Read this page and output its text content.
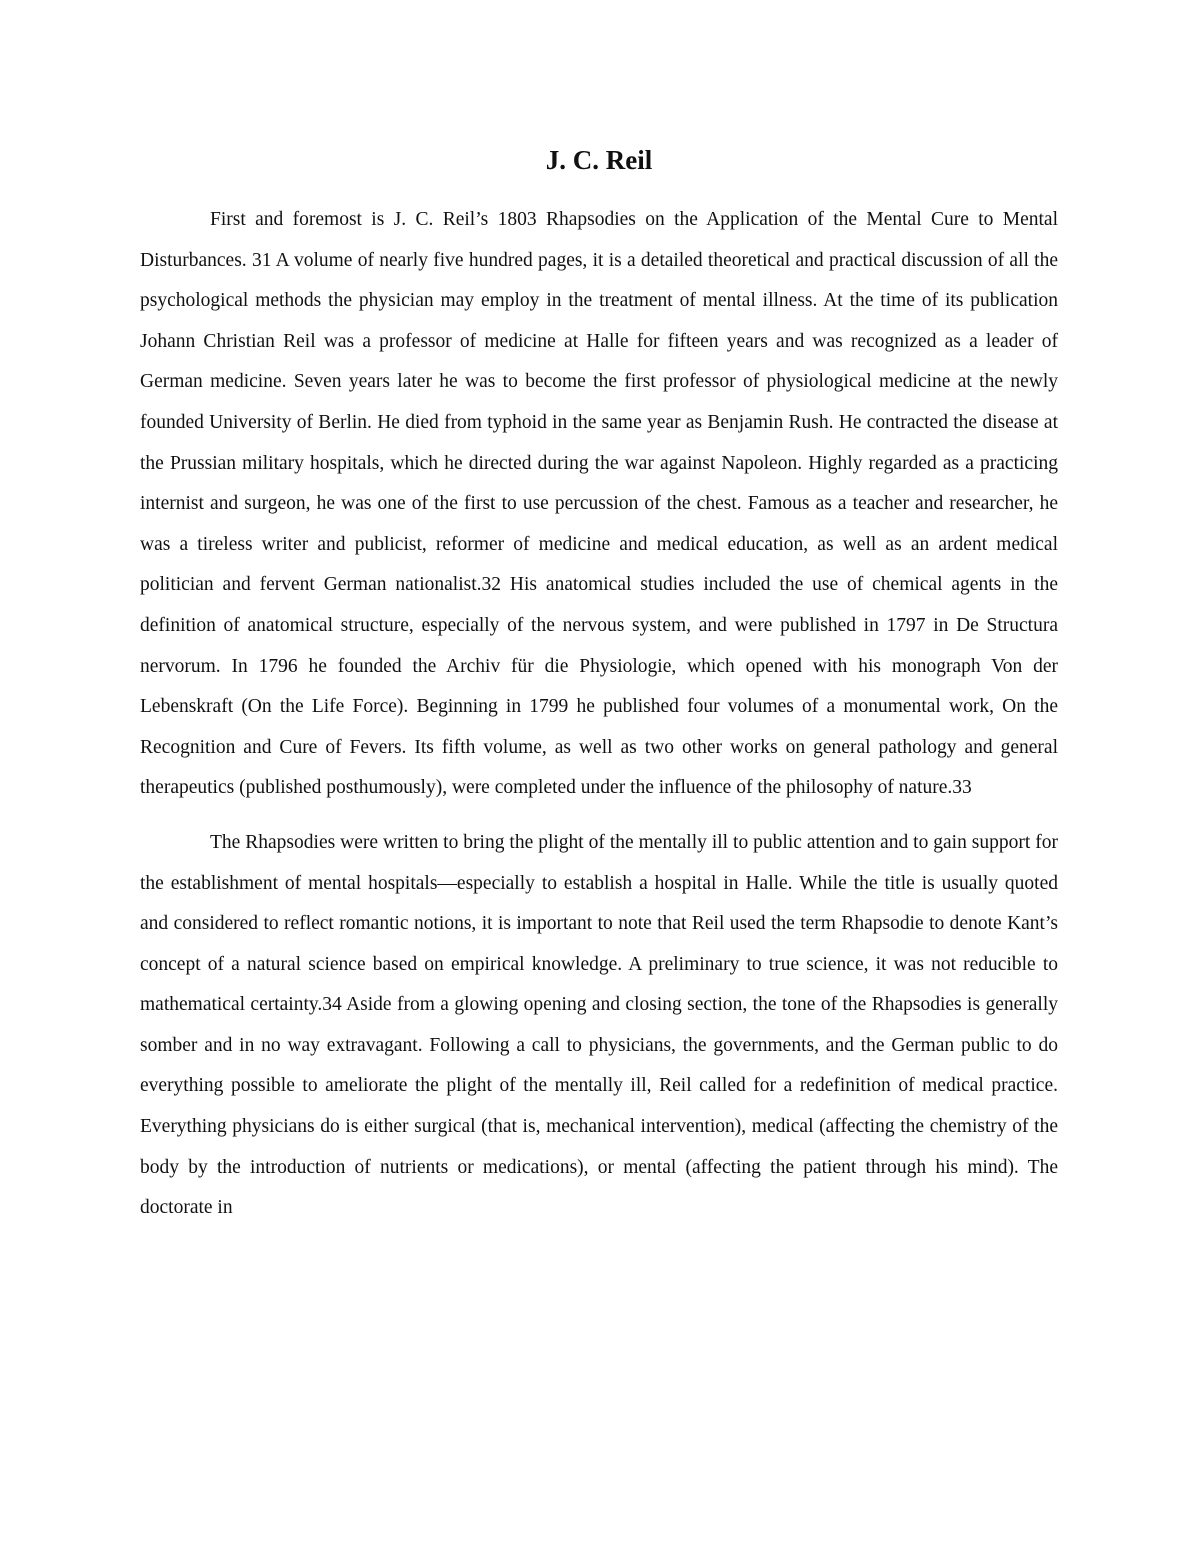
J. C. Reil

First and foremost is J. C. Reil’s 1803 Rhapsodies on the Application of the Mental Cure to Mental Disturbances. 31 A volume of nearly five hundred pages, it is a detailed theoretical and practical discussion of all the psychological methods the physician may employ in the treatment of mental illness. At the time of its publication Johann Christian Reil was a professor of medicine at Halle for fifteen years and was recognized as a leader of German medicine. Seven years later he was to become the first professor of physiological medicine at the newly founded University of Berlin. He died from typhoid in the same year as Benjamin Rush. He contracted the disease at the Prussian military hospitals, which he directed during the war against Napoleon. Highly regarded as a practicing internist and surgeon, he was one of the first to use percussion of the chest. Famous as a teacher and researcher, he was a tireless writer and publicist, reformer of medicine and medical education, as well as an ardent medical politician and fervent German nationalist.32 His anatomical studies included the use of chemical agents in the definition of anatomical structure, especially of the nervous system, and were published in 1797 in De Structura nervorum. In 1796 he founded the Archiv für die Physiologie, which opened with his monograph Von der Lebenskraft (On the Life Force). Beginning in 1799 he published four volumes of a monumental work, On the Recognition and Cure of Fevers. Its fifth volume, as well as two other works on general pathology and general therapeutics (published posthumously), were completed under the influence of the philosophy of nature.33

The Rhapsodies were written to bring the plight of the mentally ill to public attention and to gain support for the establishment of mental hospitals—especially to establish a hospital in Halle. While the title is usually quoted and considered to reflect romantic notions, it is important to note that Reil used the term Rhapsodie to denote Kant’s concept of a natural science based on empirical knowledge. A preliminary to true science, it was not reducible to mathematical certainty.34 Aside from a glowing opening and closing section, the tone of the Rhapsodies is generally somber and in no way extravagant. Following a call to physicians, the governments, and the German public to do everything possible to ameliorate the plight of the mentally ill, Reil called for a redefinition of medical practice. Everything physicians do is either surgical (that is, mechanical intervention), medical (affecting the chemistry of the body by the introduction of nutrients or medications), or mental (affecting the patient through his mind). The doctorate in
